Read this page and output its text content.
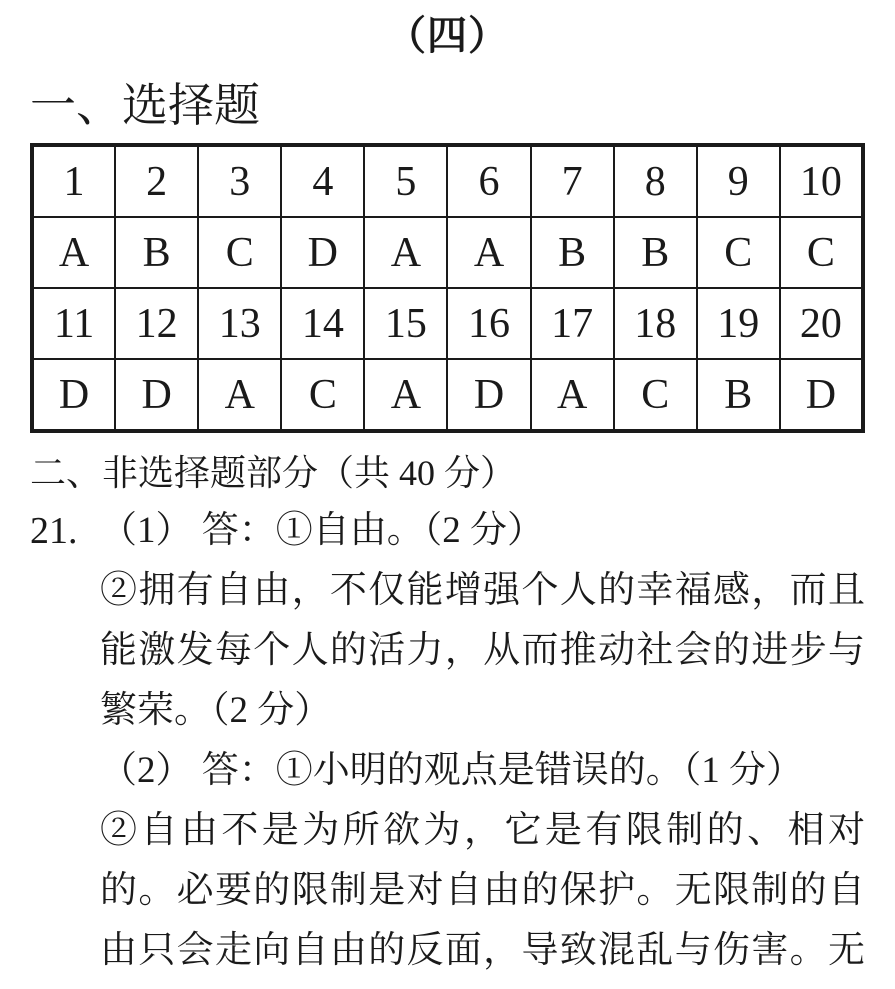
（四）
一、选择题
1	2	3	4	5	6	7	8	9	10
A	B	C	D	A	A	B	B	C	C
11	12	13	14	15	16	17	18	19	20
D	D	A	C	A	D	A	C	B	D
二、非选择题部分（共 40 分）
21. （1） 答：①自由。（2 分）
②拥有自由，不仅能增强个人的幸福感，而且
能激发每个人的活力，从而推动社会的进步与
繁荣。（2 分）
（2） 答：①小明的观点是错误的。（1 分）
②自由不是为所欲为，它是有限制的、相对
的。必要的限制是对自由的保护。无限制的自
由只会走向自由的反面，导致混乱与伤害。无
